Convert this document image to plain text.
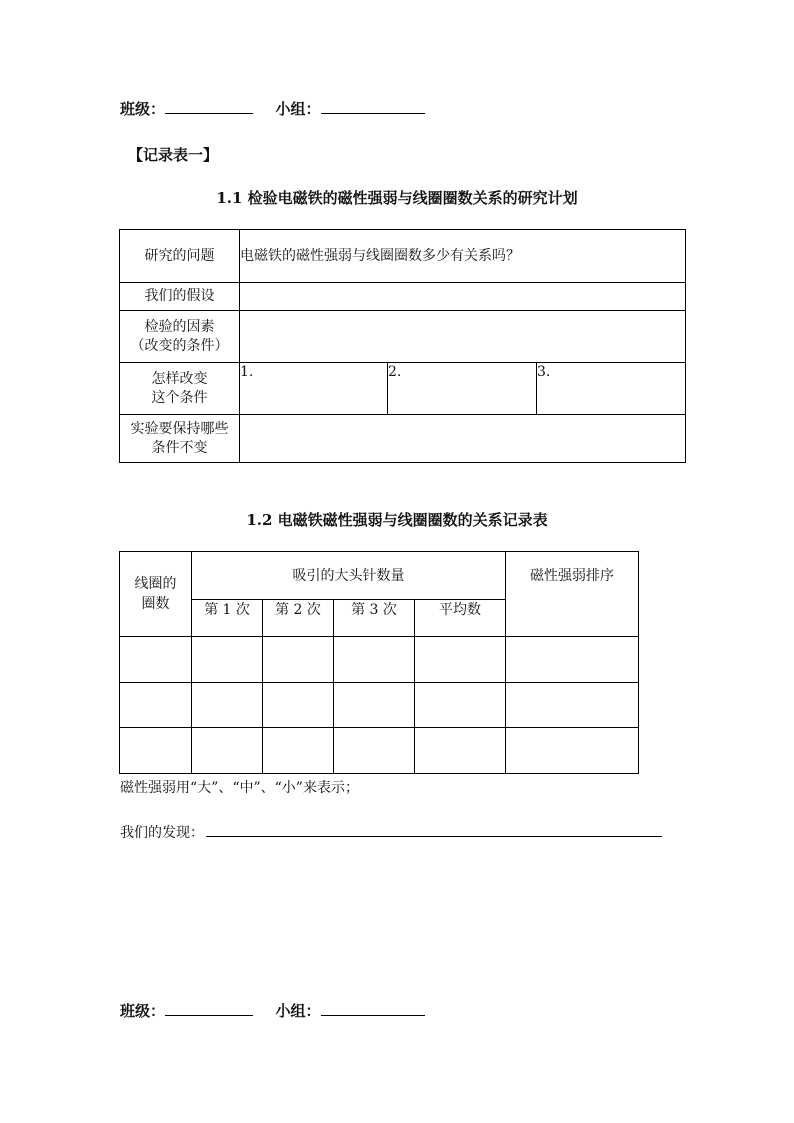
班级：	小组：
【记录表一】
1.1 检验电磁铁的磁性强弱与线圈圈数关系的研究计划
研究的问题	电磁铁的磁性强弱与线圈圈数多少有关系吗？		
我们的假设			

检验的因素
（改变的条件）			

怎样改变
这个条件	1.	2.	3.

实验要保持哪些
条件不变			

1.2 电磁铁磁性强弱与线圈圈数的关系记录表
线圈的
圈数	吸引的大头针数量				磁性强弱排序
	第 1 次	第 2 次	第 3 次	平均数	

磁性强弱用“大”、“中”、“小”来表示；
我们的发现：
班级：	小组：
